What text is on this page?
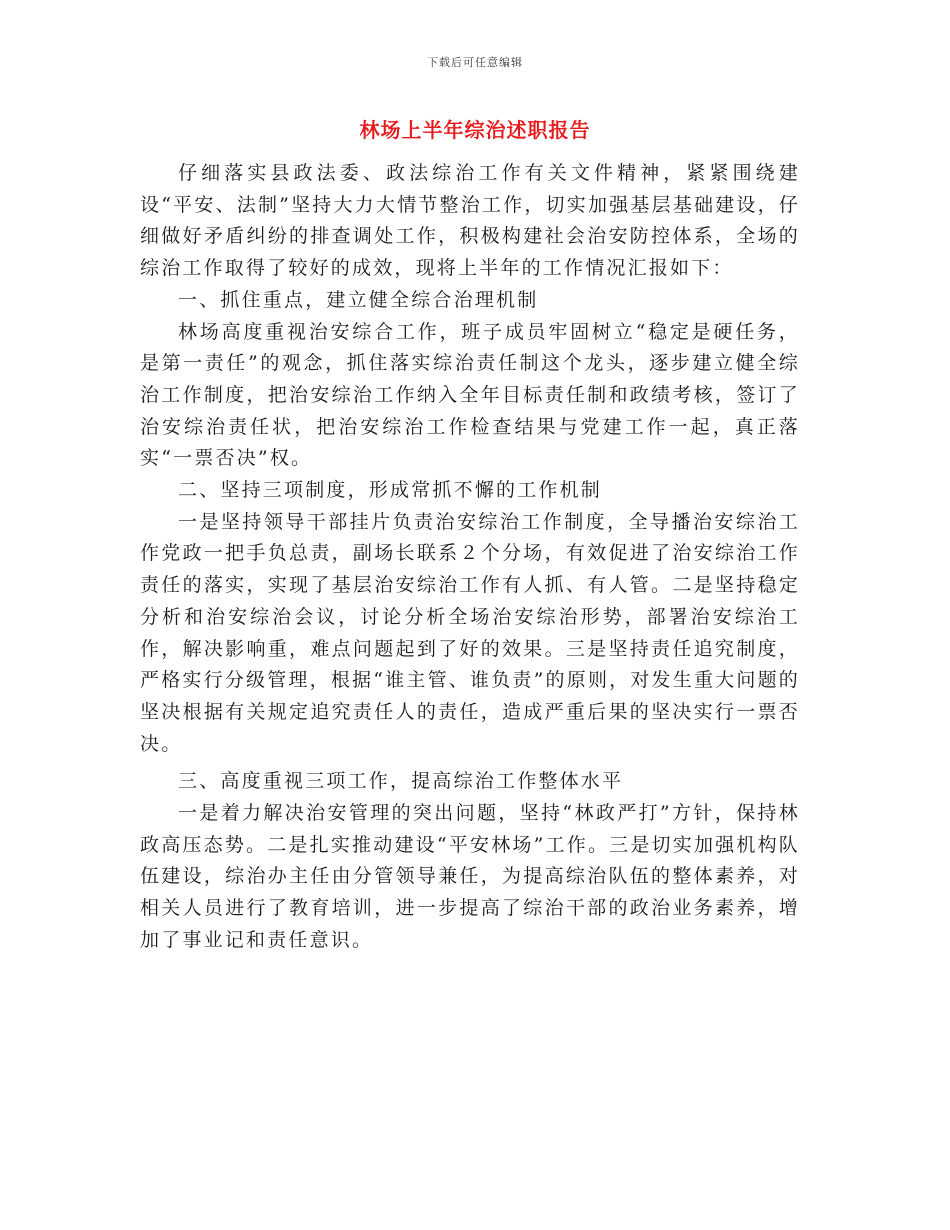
下载后可任意编辑
林场上半年综治述职报告

仔细落实县政法委、政法综治工作有关文件精神，紧紧围绕建设“平安、法制”坚持大力大情节整治工作，切实加强基层基础建设，仔细做好矛盾纠纷的排查调处工作，积极构建社会治安防控体系，全场的综治工作取得了较好的成效，现将上半年的工作情况汇报如下：

一、抓住重点，建立健全综合治理机制

林场高度重视治安综合工作，班子成员牢固树立“稳定是硬任务，是第一责任”的观念，抓住落实综治责任制这个龙头，逐步建立健全综治工作制度，把治安综治工作纳入全年目标责任制和政绩考核，签订了治安综治责任状，把治安综治工作检查结果与党建工作一起，真正落实“一票否决”权。

二、坚持三项制度，形成常抓不懈的工作机制

一是坚持领导干部挂片负责治安综治工作制度，全导播治安综治工作党政一把手负总责，副场长联系２个分场，有效促进了治安综治工作责任的落实，实现了基层治安综治工作有人抓、有人管。二是坚持稳定分析和治安综治会议，讨论分析全场治安综治形势，部署治安综治工作，解决影响重，难点问题起到了好的效果。三是坚持责任追究制度，严格实行分级管理，根据“谁主管、谁负责”的原则，对发生重大问题的坚决根据有关规定追究责任人的责任，造成严重后果的坚决实行一票否决。

三、高度重视三项工作，提高综治工作整体水平

一是着力解决治安管理的突出问题，坚持“林政严打”方针，保持林政高压态势。二是扎实推动建设“平安林场”工作。三是切实加强机构队伍建设，综治办主任由分管领导兼任，为提高综治队伍的整体素养，对相关人员进行了教育培训，进一步提高了综治干部的政治业务素养，增加了事业记和责任意识。
